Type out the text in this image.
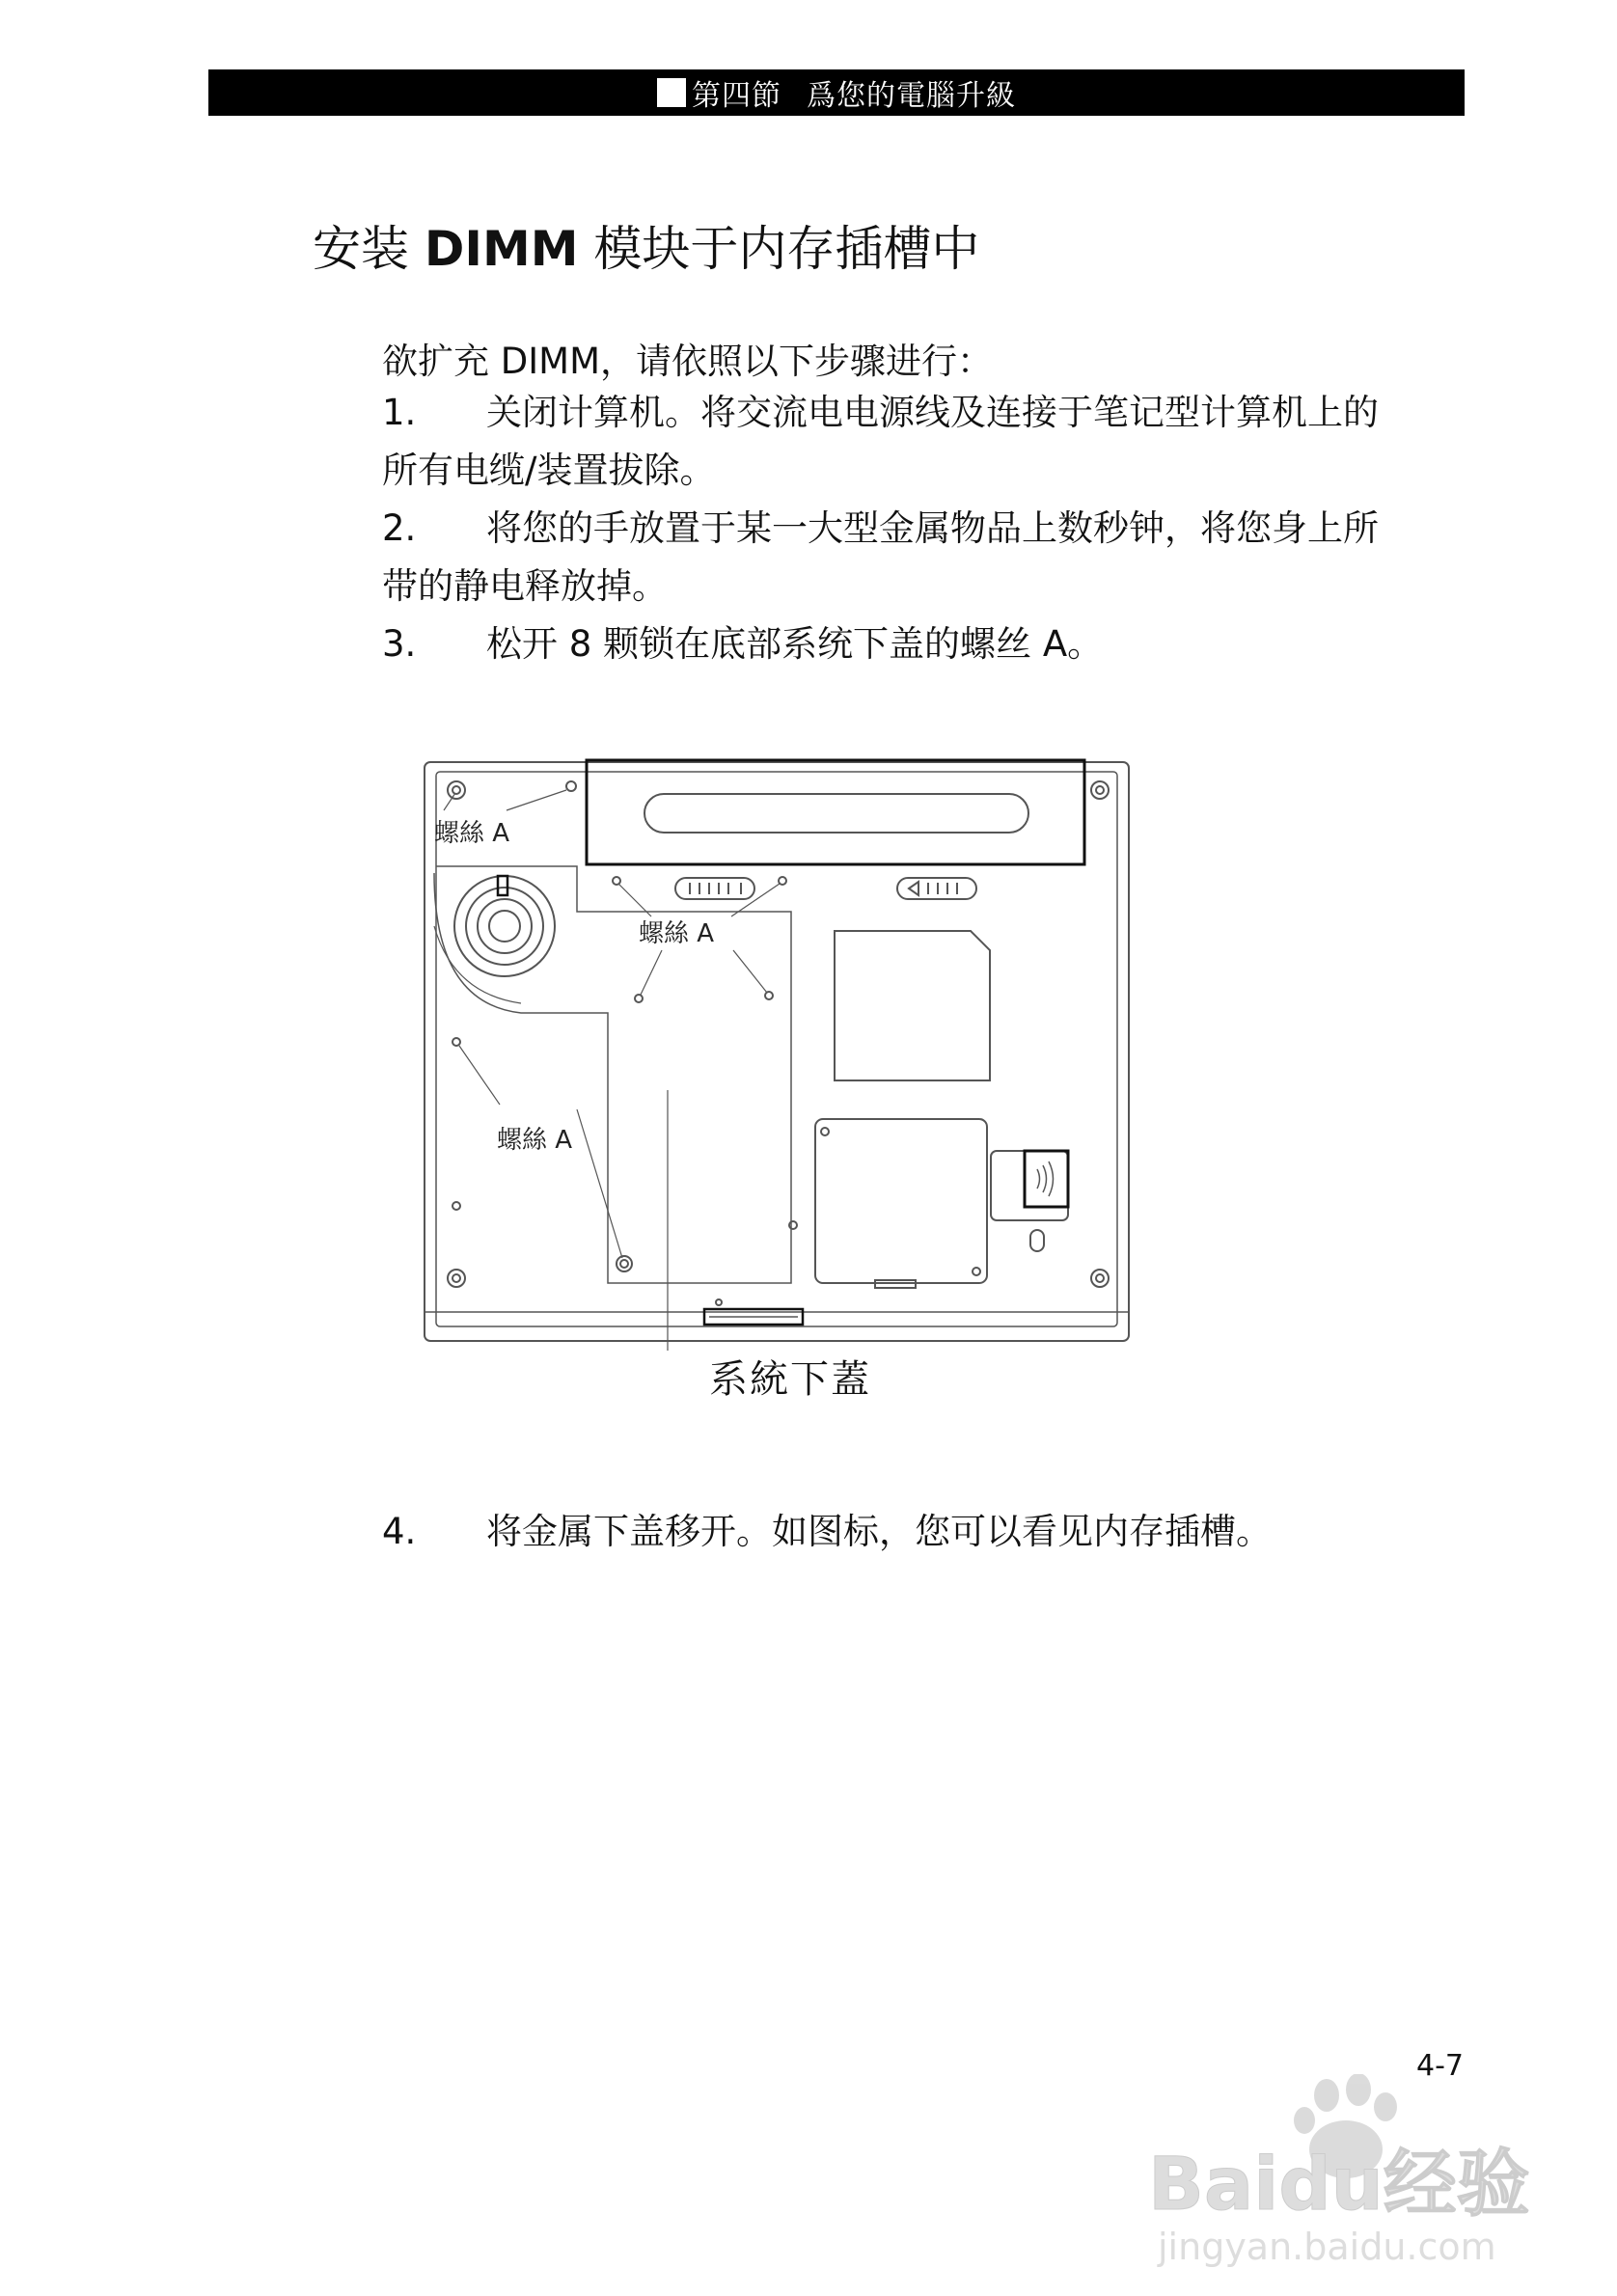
第四節 爲您的電腦升級
安装 DIMM 模块于内存插槽中
欲扩充 DIMM，请依照以下步骤进行：
1. 关闭计算机。将交流电电源线及连接于笔记型计算机上的
所有电缆/装置拔除。
2. 将您的手放置于某一大型金属物品上数秒钟，将您身上所
带的静电释放掉。
3. 松开 8 颗锁在底部系统下盖的螺丝 A。
螺絲 A
螺絲 A
螺絲 A
系統下蓋
4. 将金属下盖移开。如图标，您可以看见内存插槽。
4-7
Baidu经验
jingyan.baidu.com
